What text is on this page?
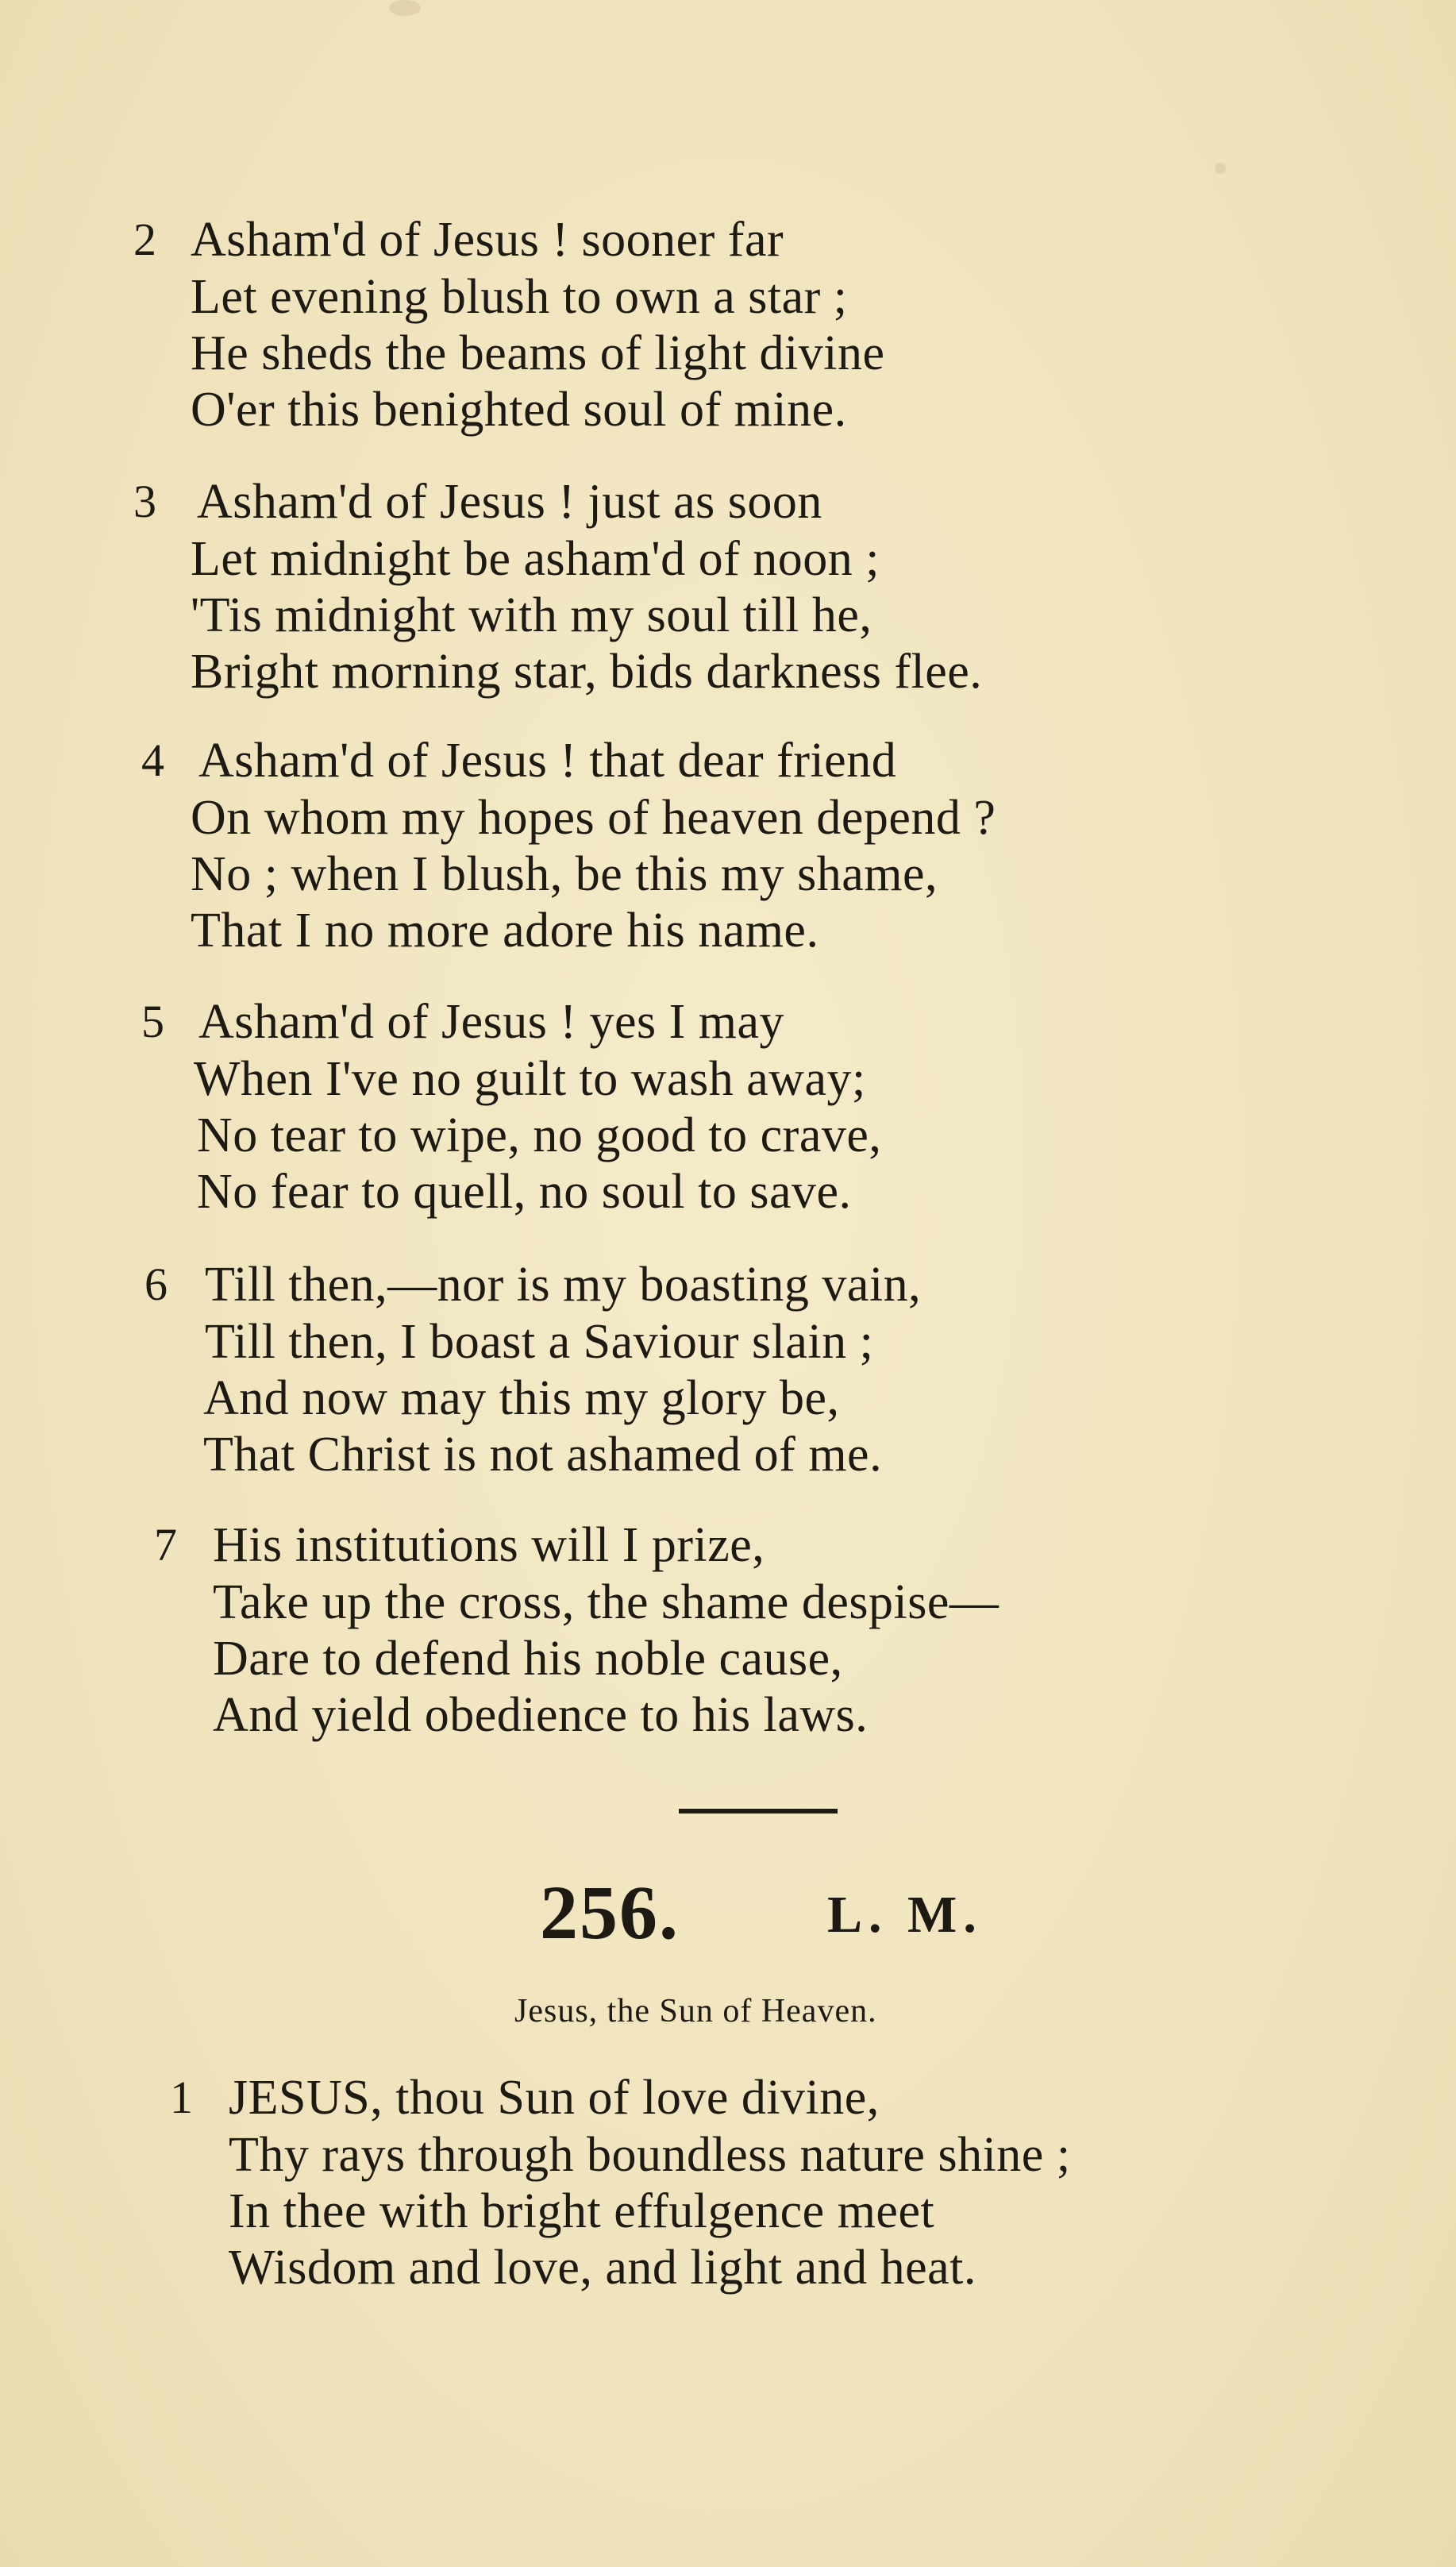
2 Asham'd of Jesus ! sooner far
Let evening blush to own a star ;
He sheds the beams of light divine
O'er this benighted soul of mine.
3 Asham'd of Jesus ! just as soon
Let midnight be asham'd of noon ;
'Tis midnight with my soul till he,
Bright morning star, bids darkness flee.
4 Asham'd of Jesus ! that dear friend
On whom my hopes of heaven depend ?
No ; when I blush, be this my shame,
That I no more adore his name.
5 Asham'd of Jesus ! yes I may
When I've no guilt to wash away;
No tear to wipe, no good to crave,
No fear to quell, no soul to save.
6 Till then,—nor is my boasting vain,
Till then, I boast a Saviour slain ;
And now may this my glory be,
That Christ is not ashamed of me.
7 His institutions will I prize,
Take up the cross, the shame despise—
Dare to defend his noble cause,
And yield obedience to his laws.
256.	L. M.
Jesus, the Sun of Heaven.
1 JESUS, thou Sun of love divine,
Thy rays through boundless nature shine ;
In thee with bright effulgence meet
Wisdom and love, and light and heat.
